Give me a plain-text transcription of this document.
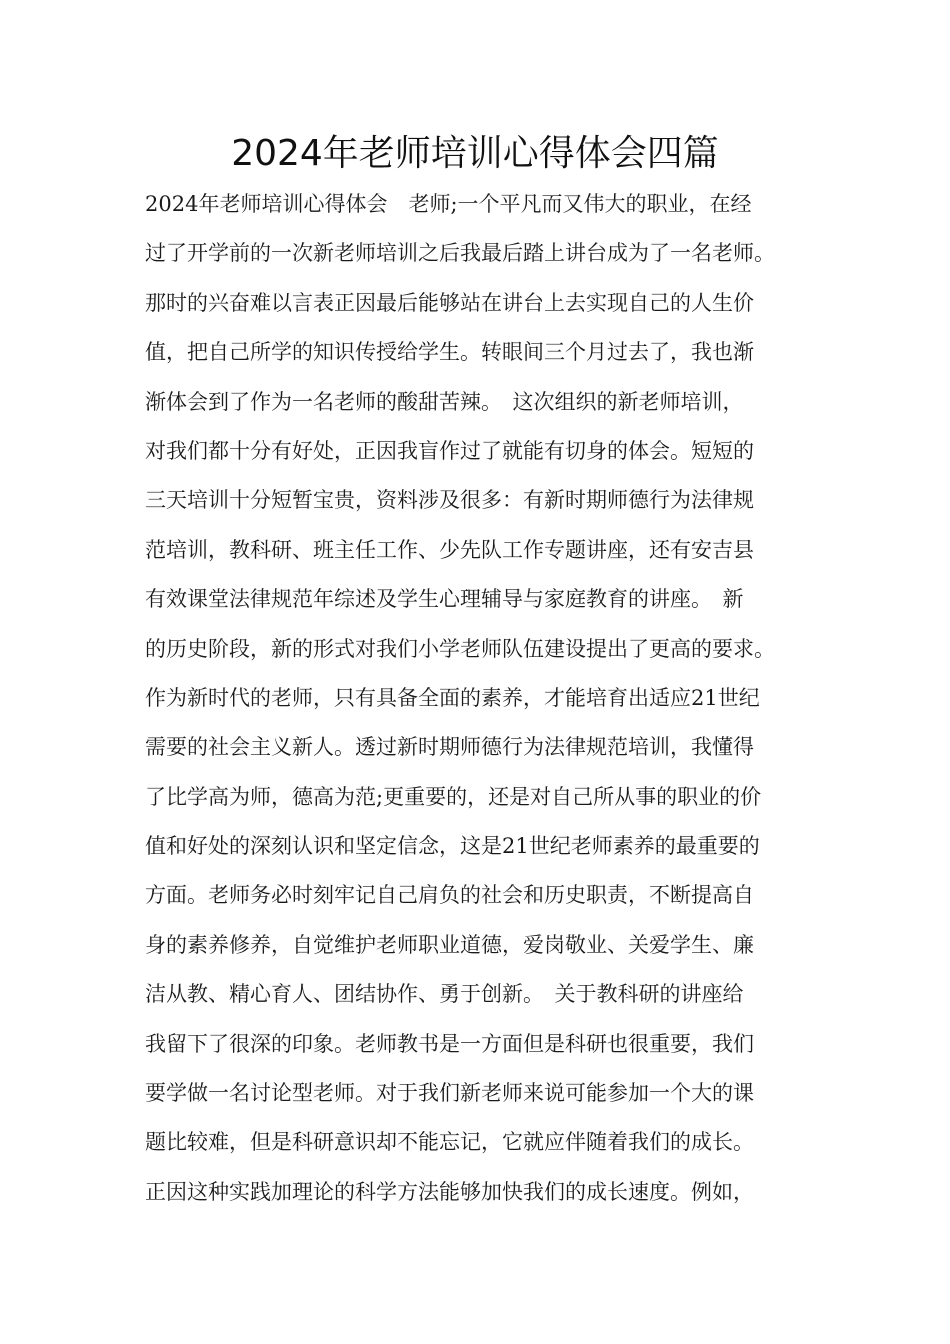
2024年老师培训心得体会四篇
2024年老师培训心得体会　老师;一个平凡而又伟大的职业，在经
过了开学前的一次新老师培训之后我最后踏上讲台成为了一名老师。
那时的兴奋难以言表正因最后能够站在讲台上去实现自己的人生价
值，把自己所学的知识传授给学生。转眼间三个月过去了，我也渐
渐体会到了作为一名老师的酸甜苦辣。　这次组织的新老师培训，
对我们都十分有好处，正因我盲作过了就能有切身的体会。短短的
三天培训十分短暂宝贵，资料涉及很多：有新时期师德行为法律规
范培训，教科研、班主任工作、少先队工作专题讲座，还有安吉县
有效课堂法律规范年综述及学生心理辅导与家庭教育的讲座。　新
的历史阶段，新的形式对我们小学老师队伍建设提出了更高的要求。
作为新时代的老师，只有具备全面的素养，才能培育出适应21世纪
需要的社会主义新人。透过新时期师德行为法律规范培训，我懂得
了比学高为师，德高为范;更重要的，还是对自己所从事的职业的价
值和好处的深刻认识和坚定信念，这是21世纪老师素养的最重要的
方面。老师务必时刻牢记自己肩负的社会和历史职责，不断提高自
身的素养修养，自觉维护老师职业道德，爱岗敬业、关爱学生、廉
洁从教、精心育人、团结协作、勇于创新。　关于教科研的讲座给
我留下了很深的印象。老师教书是一方面但是科研也很重要，我们
要学做一名讨论型老师。对于我们新老师来说可能参加一个大的课
题比较难，但是科研意识却不能忘记，它就应伴随着我们的成长。
正因这种实践加理论的科学方法能够加快我们的成长速度。例如，
